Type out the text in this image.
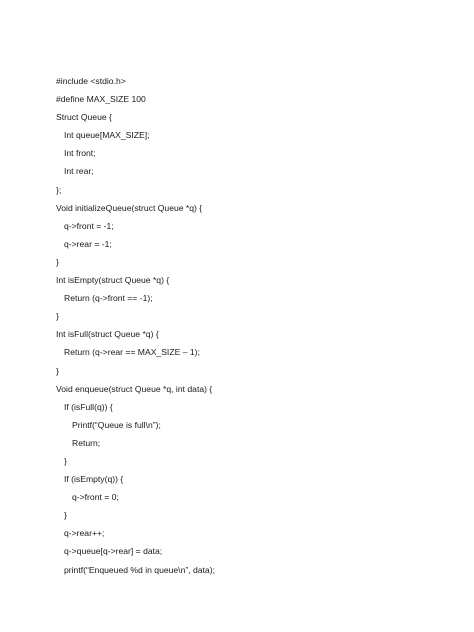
#include <stdio.h>
#define MAX_SIZE 100
Struct Queue {
Int queue[MAX_SIZE];
Int front;
Int rear;
};
Void initializeQueue(struct Queue *q) {
q->front = -1;
q->rear = -1;
}
Int isEmpty(struct Queue *q) {
Return (q->front == -1);
}
Int isFull(struct Queue *q) {
Return (q->rear == MAX_SIZE – 1);
}
Void enqueue(struct Queue *q, int data) {
If (isFull(q)) {
Printf(“Queue is full\n”);
Return;
}
If (isEmpty(q)) {
q->front = 0;
}
q->rear++;
q->queue[q->rear] = data;
printf(“Enqueued %d in queue\n”, data);
